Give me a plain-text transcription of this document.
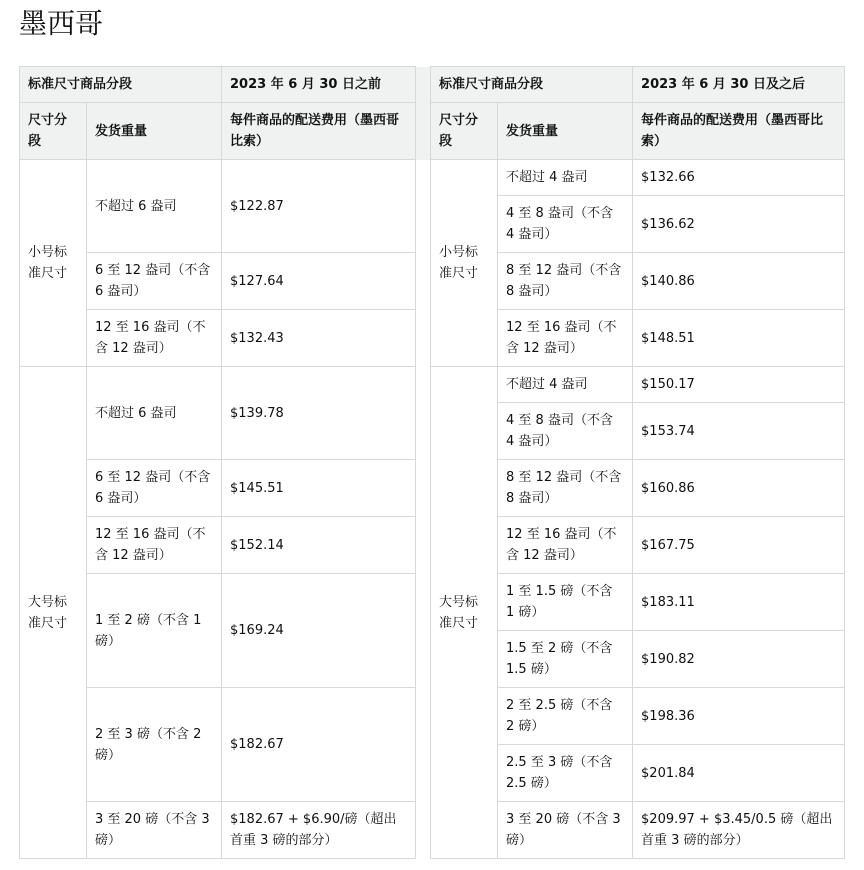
墨西哥
标准尺寸商品分段		2023 年 6 月 30 日之前		标准尺寸商品分段		2023 年 6 月 30 日及之后
尺寸分段	发货重量	每件商品的配送费用（墨西哥比索）		尺寸分段	发货重量	每件商品的配送费用（墨西哥比索）
小号标准尺寸	不超过 6 盎司	$122.87		小号标准尺寸	不超过 4 盎司	$132.66
					4 至 8 盎司（不含 4 盎司）	$136.62
	6 至 12 盎司（不含 6 盎司）	$127.64			8 至 12 盎司（不含 8 盎司）	$140.86
	12 至 16 盎司（不含 12 盎司）	$132.43			12 至 16 盎司（不含 12 盎司）	$148.51
大号标准尺寸	不超过 6 盎司	$139.78		大号标准尺寸	不超过 4 盎司	$150.17
					4 至 8 盎司（不含 4 盎司）	$153.74
	6 至 12 盎司（不含 6 盎司）	$145.51			8 至 12 盎司（不含 8 盎司）	$160.86
	12 至 16 盎司（不含 12 盎司）	$152.14			12 至 16 盎司（不含 12 盎司）	$167.75
	1 至 2 磅（不含 1 磅）	$169.24			1 至 1.5 磅（不含 1 磅）	$183.11
					1.5 至 2 磅（不含 1.5 磅）	$190.82
	2 至 3 磅（不含 2 磅）	$182.67			2 至 2.5 磅（不含 2 磅）	$198.36
					2.5 至 3 磅（不含 2.5 磅）	$201.84
	3 至 20 磅（不含 3 磅）	$182.67 + $6.90/磅（超出首重 3 磅的部分）			3 至 20 磅（不含 3 磅）	$209.97 + $3.45/0.5 磅（超出首重 3 磅的部分）
